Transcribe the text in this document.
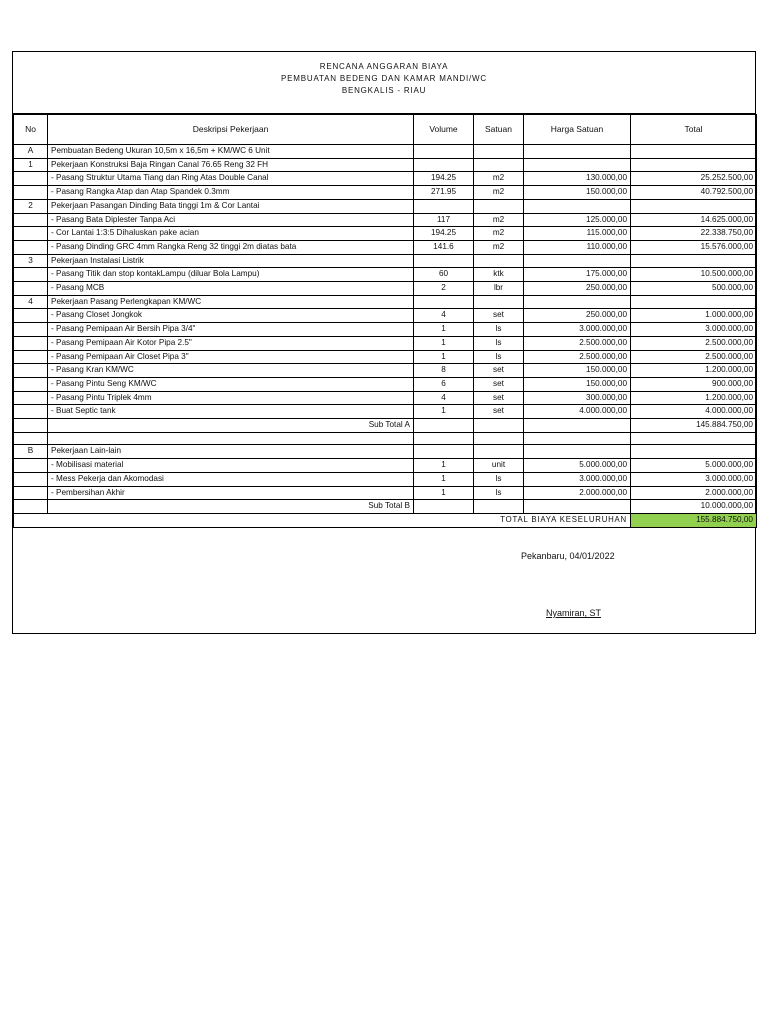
RENCANA ANGGARAN BIAYA
PEMBUATAN BEDENG DAN KAMAR MANDI/WC
BENGKALIS - RIAU
No	Deskripsi Pekerjaan	Volume	Satuan	Harga Satuan	Total
A	Pembuatan Bedeng Ukuran 10,5m x 16,5m + KM/WC 6 Unit				
1	Pekerjaan Konstruksi Baja Ringan Canal 76.65 Reng 32 FH				
	- Pasang Struktur Utama Tiang dan Ring Atas Double Canal	194.25	m2	130.000,00	25.252.500,00
	- Pasang Rangka Atap dan Atap Spandek 0.3mm	271.95	m2	150.000,00	40.792.500,00
2	Pekerjaan Pasangan Dinding Bata tinggi 1m & Cor Lantai				
	- Pasang Bata Diplester Tanpa Aci	117	m2	125.000,00	14.625.000,00
	- Cor Lantai 1:3:5 Dihaluskan pake acian	194.25	m2	115.000,00	22.338.750,00
	- Pasang Dinding GRC 4mm Rangka Reng 32 tinggi 2m diatas bata	141.6	m2	110.000,00	15.576.000,00
3	Pekerjaan Instalasi Listrik				
	- Pasang Titik dan stop kontakLampu (diluar Bola Lampu)	60	ktk	175.000,00	10.500.000,00
	- Pasang MCB	2	lbr	250.000,00	500.000,00
4	Pekerjaan Pasang Perlengkapan KM/WC				
	- Pasang Closet Jongkok	4	set	250.000,00	1.000.000,00
	- Pasang Pemipaan Air Bersih Pipa 3/4"	1	ls	3.000.000,00	3.000.000,00
	- Pasang Pemipaan Air Kotor Pipa 2.5"	1	ls	2.500.000,00	2.500.000,00
	- Pasang Pemipaan Air Closet Pipa 3"	1	ls	2.500.000,00	2.500.000,00
	- Pasang Kran KM/WC	8	set	150.000,00	1.200.000,00
	- Pasang Pintu Seng KM/WC	6	set	150.000,00	900.000,00
	- Pasang Pintu Triplek 4mm	4	set	300.000,00	1.200.000,00
	- Buat Septic tank	1	set	4.000.000,00	4.000.000,00
	Sub Total A				145.884.750,00

B	Pekerjaan Lain-lain				
	- Mobilisasi material	1	unit	5.000.000,00	5.000.000,00
	- Mess Pekerja dan Akomodasi	1	ls	3.000.000,00	3.000.000,00
	- Pembersihan Akhir	1	ls	2.000.000,00	2.000.000,00
	Sub Total B				10.000.000,00
TOTAL BIAYA KESELURUHAN					155.884.750,00
Pekanbaru, 04/01/2022
Nyamiran, ST
